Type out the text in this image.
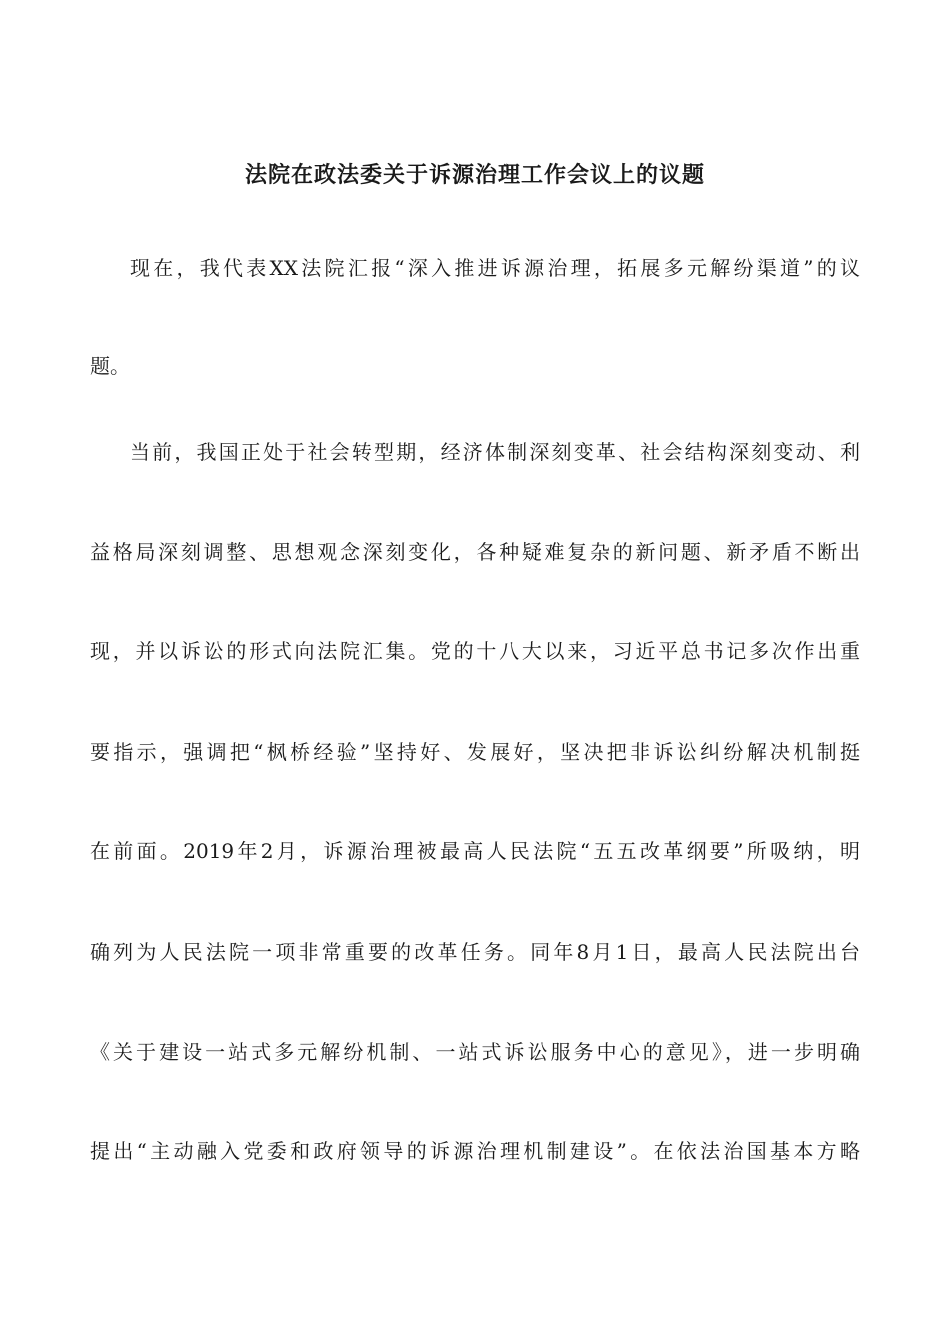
法院在政法委关于诉源治理工作会议上的议题
现在，我代表XX法院汇报“深入推进诉源治理，拓展多元解纷渠道”的议
题。
当前，我国正处于社会转型期，经济体制深刻变革、社会结构深刻变动、利
益格局深刻调整、思想观念深刻变化，各种疑难复杂的新问题、新矛盾不断出
现，并以诉讼的形式向法院汇集。党的十八大以来，习近平总书记多次作出重
要指示，强调把“枫桥经验”坚持好、发展好，坚决把非诉讼纠纷解决机制挺
在前面。2019年2月，诉源治理被最高人民法院“五五改革纲要”所吸纳，明
确列为人民法院一项非常重要的改革任务。同年8月1日，最高人民法院出台
《关于建设一站式多元解纷机制、一站式诉讼服务中心的意见》，进一步明确
提出“主动融入党委和政府领导的诉源治理机制建设”。在依法治国基本方略
